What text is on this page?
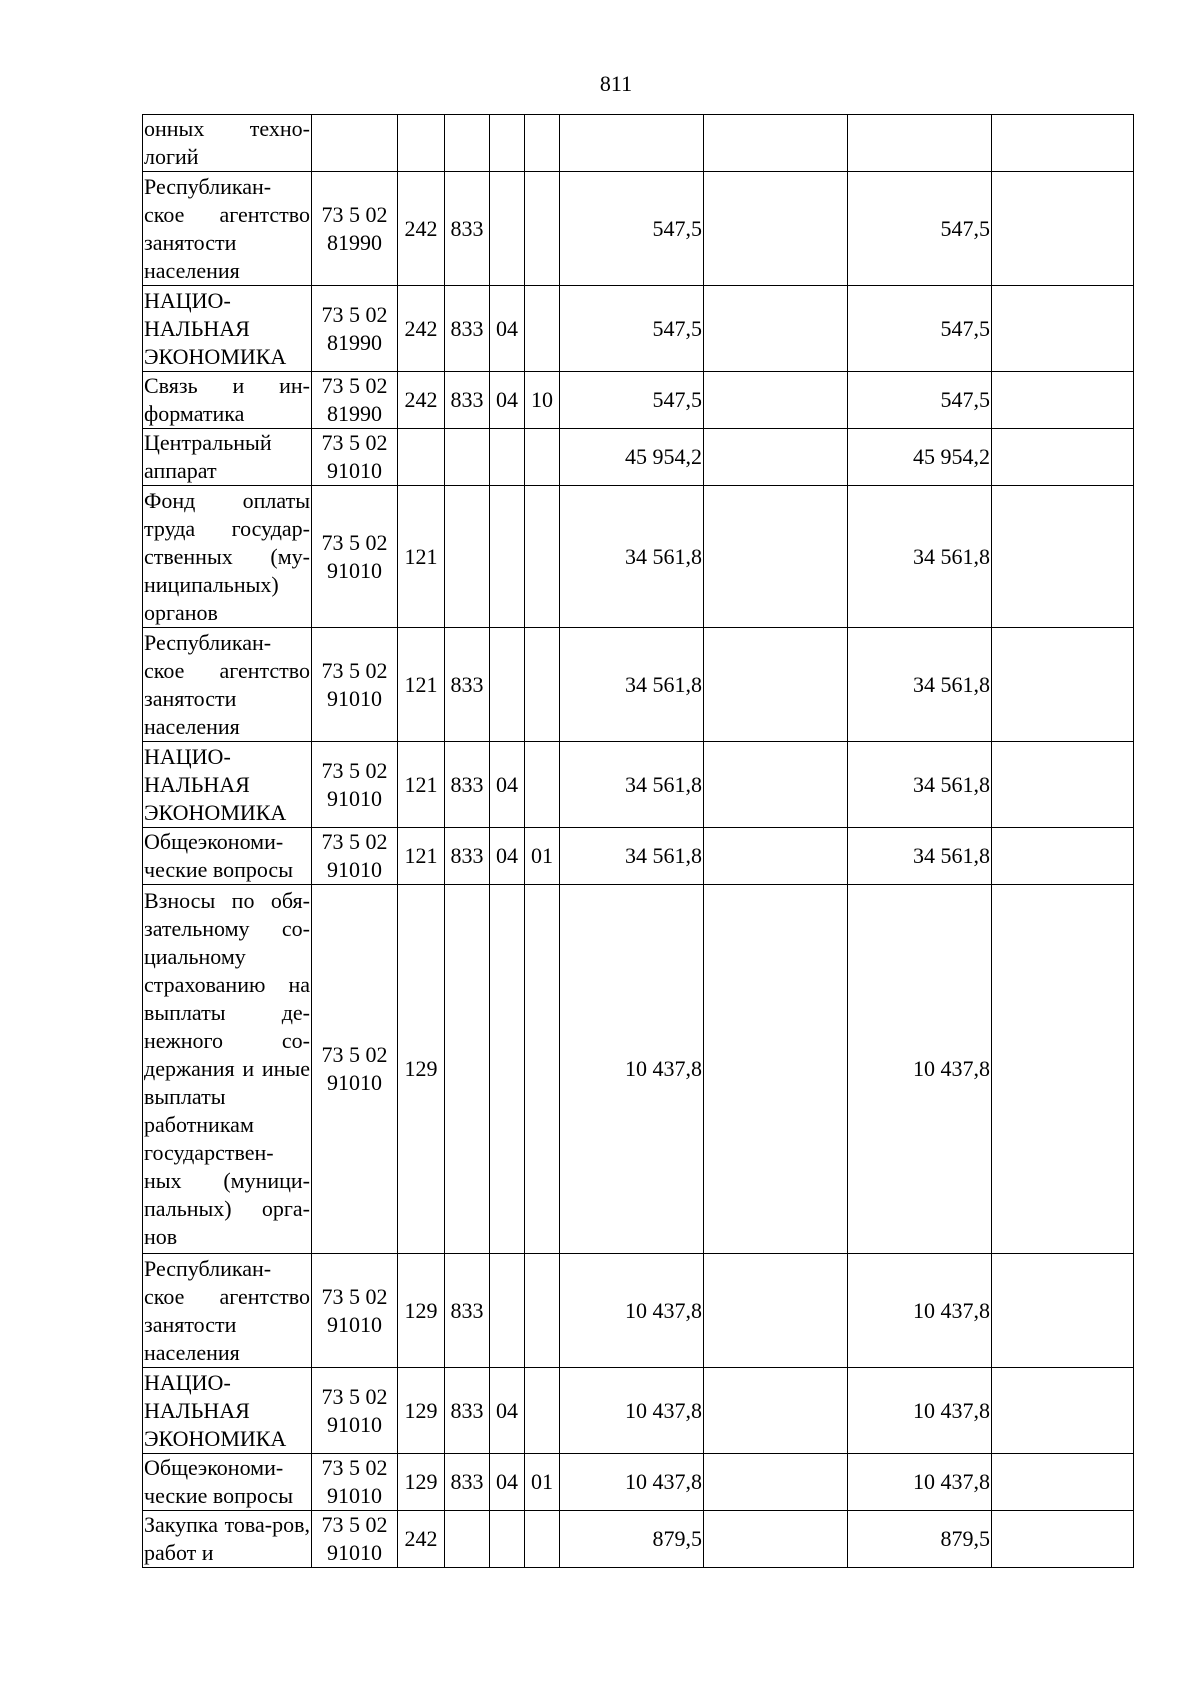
811
онных техно-логий									
Республикан-ское агентство занятости населения	73 5 02 81990	242	833			547,5		547,5	
НАЦИО-НАЛЬНАЯ ЭКОНОМИКА	73 5 02 81990	242	833	04		547,5		547,5	
Связь и ин-форматика	73 5 02 81990	242	833	04	10	547,5		547,5	
Центральный аппарат	73 5 02 91010					45 954,2		45 954,2	
Фонд оплаты труда государ-ственных (му-ниципальных) органов	73 5 02 91010	121				34 561,8		34 561,8	
Республикан-ское агентство занятости населения	73 5 02 91010	121	833			34 561,8		34 561,8	
НАЦИО-НАЛЬНАЯ ЭКОНОМИКА	73 5 02 91010	121	833	04		34 561,8		34 561,8	
Общеэкономи-ческие вопросы	73 5 02 91010	121	833	04	01	34 561,8		34 561,8	
Взносы по обя-зательному со-циальному страхованию на выплаты де-нежного со-держания и иные выплаты работникам государствен-ных (муници-пальных) орга-нов	73 5 02 91010	129				10 437,8		10 437,8	
Республикан-ское агентство занятости населения	73 5 02 91010	129	833			10 437,8		10 437,8	
НАЦИО-НАЛЬНАЯ ЭКОНОМИКА	73 5 02 91010	129	833	04		10 437,8		10 437,8	
Общеэкономи-ческие вопросы	73 5 02 91010	129	833	04	01	10 437,8		10 437,8	
Закупка това-ров, работ и	73 5 02 91010	242				879,5		879,5	
